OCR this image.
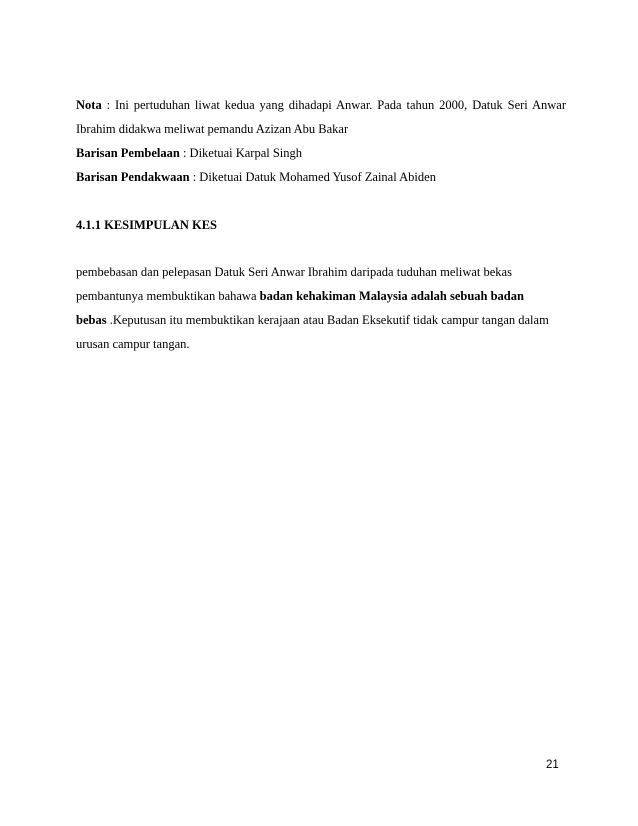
Nota : Ini pertuduhan liwat kedua yang dihadapi Anwar. Pada tahun 2000, Datuk Seri Anwar
Ibrahim didakwa meliwat pemandu Azizan Abu Bakar
Barisan Pembelaan : Diketuai Karpal Singh
Barisan Pendakwaan : Diketuai Datuk Mohamed Yusof Zainal Abiden
4.1.1 KESIMPULAN KES
pembebasan dan pelepasan Datuk Seri Anwar Ibrahim daripada tuduhan meliwat bekas
pembantunya membuktikan bahawa badan kehakiman Malaysia adalah sebuah badan
bebas .Keputusan itu membuktikan kerajaan atau Badan Eksekutif tidak campur tangan dalam
urusan campur tangan.
21
